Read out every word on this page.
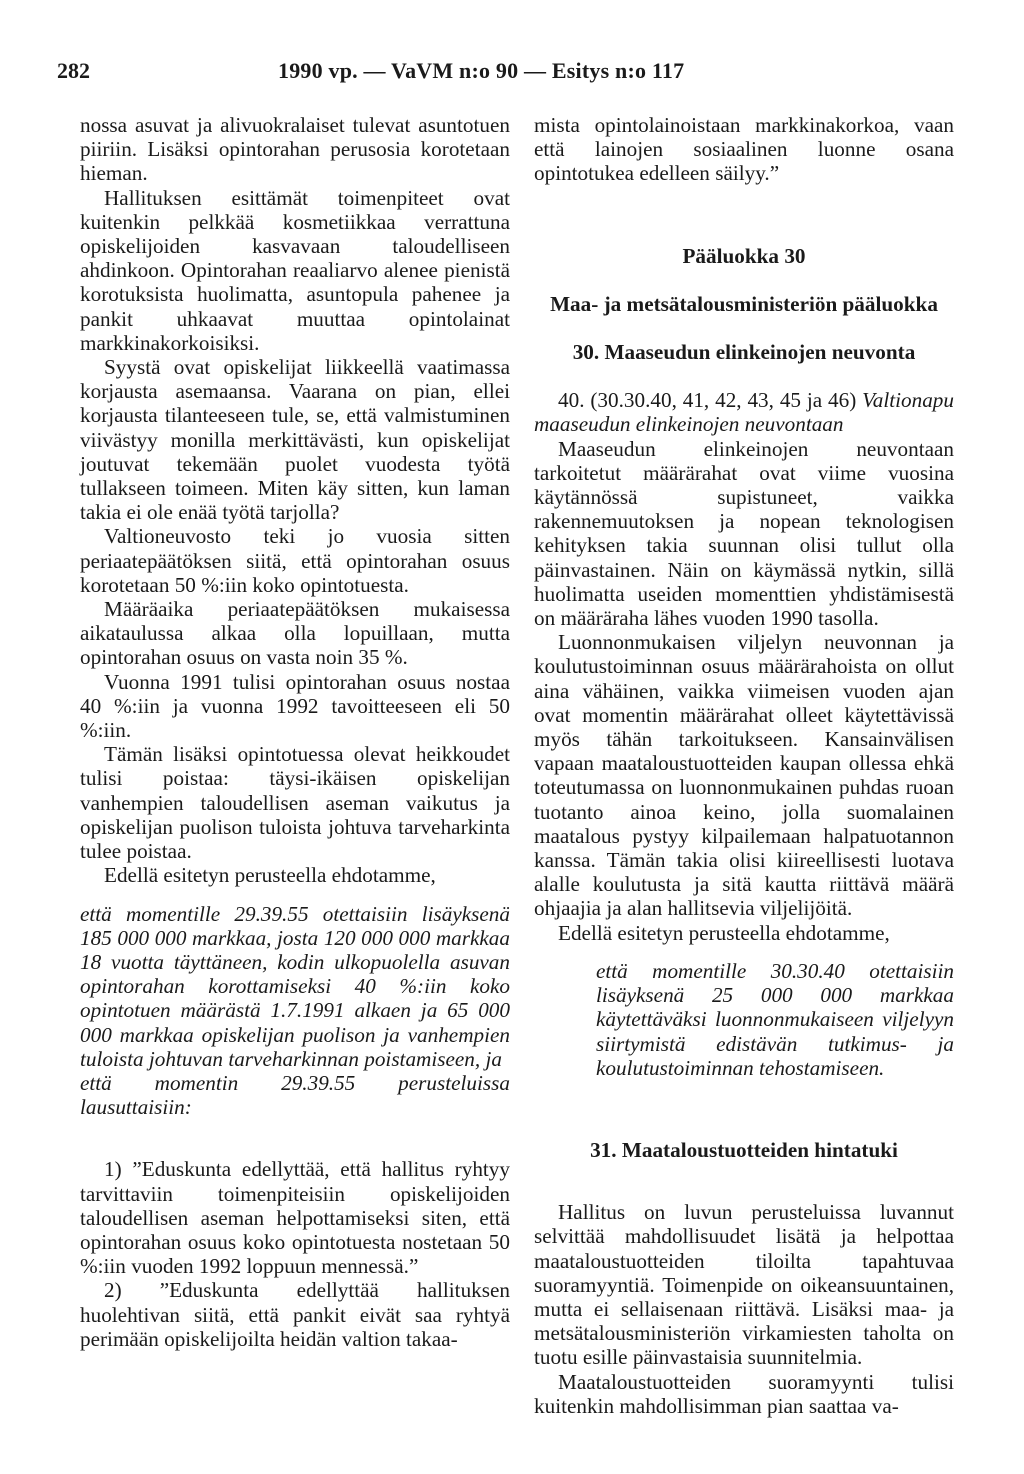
282	1990 vp. — VaVM n:o 90 — Esitys n:o 117

nossa asuvat ja alivuokralaiset tulevat asuntotuen piiriin. Lisäksi opintorahan perusosia korotetaan hieman.

Hallituksen esittämät toimenpiteet ovat kuitenkin pelkkää kosmetiikkaa verrattuna opiskelijoiden kasvavaan taloudelliseen ahdinkoon. Opintorahan reaaliarvo alenee pienistä korotuksista huolimatta, asuntopula pahenee ja pankit uhkaavat muuttaa opintolainat markkinakorkoisiksi.

Syystä ovat opiskelijat liikkeellä vaatimassa korjausta asemaansa. Vaarana on pian, ellei korjausta tilanteeseen tule, se, että valmistuminen viivästyy monilla merkittävästi, kun opiskelijat joutuvat tekemään puolet vuodesta työtä tullakseen toimeen. Miten käy sitten, kun laman takia ei ole enää työtä tarjolla?

Valtioneuvosto teki jo vuosia sitten periaatepäätöksen siitä, että opintorahan osuus korotetaan 50 %:iin koko opintotuesta.

Määräaika periaatepäätöksen mukaisessa aikataulussa alkaa olla lopuillaan, mutta opintorahan osuus on vasta noin 35 %.

Vuonna 1991 tulisi opintorahan osuus nostaa 40 %:iin ja vuonna 1992 tavoitteeseen eli 50 %:iin.

Tämän lisäksi opintotuessa olevat heikkoudet tulisi poistaa: täysi-ikäisen opiskelijan vanhempien taloudellisen aseman vaikutus ja opiskelijan puolison tuloista johtuva tarveharkinta tulee poistaa.

Edellä esitetyn perusteella ehdotamme,

että momentille 29.39.55 otettaisiin lisäyksenä 185 000 000 markkaa, josta 120 000 000 markkaa 18 vuotta täyttäneen, kodin ulkopuolella asuvan opintorahan korottamiseksi 40 %:iin koko opintotuen määrästä 1.7.1991 alkaen ja 65 000 000 markkaa opiskelijan puolison ja vanhempien tuloista johtuvan tarveharkinnan poistamiseen, ja

että momentin 29.39.55 perusteluissa lausuttaisiin:

1) ”Eduskunta edellyttää, että hallitus ryhtyy tarvittaviin toimenpiteisiin opiskelijoiden taloudellisen aseman helpottamiseksi siten, että opintorahan osuus koko opintotuesta nostetaan 50 %:iin vuoden 1992 loppuun mennessä.”

2) ”Eduskunta edellyttää hallituksen huolehtivan siitä, että pankit eivät saa ryhtyä perimään opiskelijoilta heidän valtion takaa-

mista opintolainoistaan markkinakorkoa, vaan että lainojen sosiaalinen luonne osana opintotukea edelleen säilyy.”

Pääluokka 30

Maa- ja metsätalousministeriön pääluokka

30. Maaseudun elinkeinojen neuvonta

40. (30.30.40, 41, 42, 43, 45 ja 46) Valtionapu maaseudun elinkeinojen neuvontaan

Maaseudun elinkeinojen neuvontaan tarkoitetut määrärahat ovat viime vuosina käytännössä supistuneet, vaikka rakennemuutoksen ja nopean teknologisen kehityksen takia suunnan olisi tullut olla päinvastainen. Näin on käymässä nytkin, sillä huolimatta useiden momenttien yhdistämisestä on määräraha lähes vuoden 1990 tasolla.

Luonnonmukaisen viljelyn neuvonnan ja koulutustoiminnan osuus määrärahoista on ollut aina vähäinen, vaikka viimeisen vuoden ajan ovat momentin määrärahat olleet käytettävissä myös tähän tarkoitukseen. Kansainvälisen vapaan maataloustuotteiden kaupan ollessa ehkä toteutumassa on luonnonmukainen puhdas ruoan tuotanto ainoa keino, jolla suomalainen maatalous pystyy kilpailemaan halpatuotannon kanssa. Tämän takia olisi kiireellisesti luotava alalle koulutusta ja sitä kautta riittävä määrä ohjaajia ja alan hallitsevia viljelijöitä.

Edellä esitetyn perusteella ehdotamme,

että momentille 30.30.40 otettaisiin lisäyksenä 25 000 000 markkaa käytettäväksi luonnonmukaiseen viljelyyn siirtymistä edistävän tutkimus- ja koulutustoiminnan tehostamiseen.

31. Maataloustuotteiden hintatuki

Hallitus on luvun perusteluissa luvannut selvittää mahdollisuudet lisätä ja helpottaa maataloustuotteiden tiloilta tapahtuvaa suoramyyntiä. Toimenpide on oikeansuuntainen, mutta ei sellaisenaan riittävä. Lisäksi maa- ja metsätalousministeriön virkamiesten taholta on tuotu esille päinvastaisia suunnitelmia.

Maataloustuotteiden suoramyynti tulisi kuitenkin mahdollisimman pian saattaa va-
